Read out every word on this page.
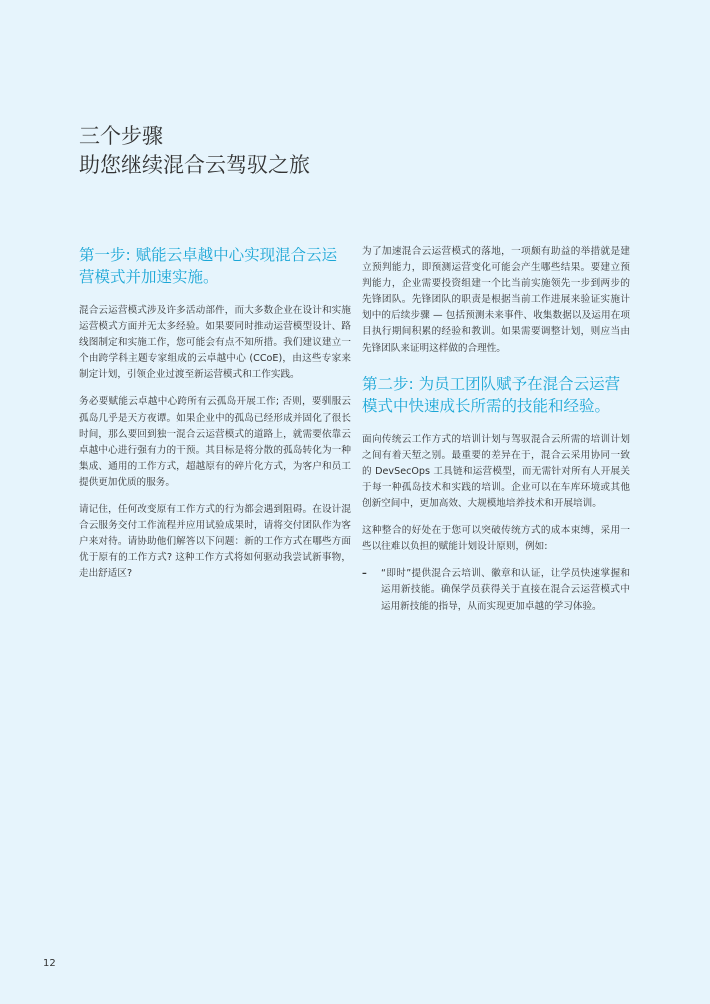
三个步骤
助您继续混合云驾驭之旅
第一步: 赋能云卓越中心实现混合云运营模式并加速实施。

混合云运营模式涉及许多活动部件，而大多数企业在设计和实施运营模式方面并无太多经验。如果要同时推动运营模型设计、路线图制定和实施工作，您可能会有点不知所措。我们建议建立一个由跨学科主题专家组成的云卓越中心 (CCoE)，由这些专家来制定计划，引领企业过渡至新运营模式和工作实践。

务必要赋能云卓越中心跨所有云孤岛开展工作; 否则，要驯服云孤岛几乎是天方夜谭。如果企业中的孤岛已经形成并固化了很长时间，那么要回到独一混合云运营模式的道路上，就需要依靠云卓越中心进行强有力的干预。其目标是将分散的孤岛转化为一种集成、通用的工作方式，超越原有的碎片化方式，为客户和员工提供更加优质的服务。

请记住，任何改变原有工作方式的行为都会遇到阻碍。在设计混合云服务交付工作流程并应用试验成果时，请将交付团队作为客户来对待。请协助他们解答以下问题：新的工作方式在哪些方面优于原有的工作方式? 这种工作方式将如何驱动我尝试新事物，走出舒适区?

为了加速混合云运营模式的落地，一项颇有助益的举措就是建立预判能力，即预测运营变化可能会产生哪些结果。要建立预判能力，企业需要投资组建一个比当前实施领先一步到两步的先锋团队。先锋团队的职责是根据当前工作进展来验证实施计划中的后续步骤 — 包括预测未来事件、收集数据以及运用在项目执行期间积累的经验和教训。如果需要调整计划，则应当由先锋团队来证明这样做的合理性。

第二步: 为员工团队赋予在混合云运营模式中快速成长所需的技能和经验。

面向传统云工作方式的培训计划与驾驭混合云所需的培训计划之间有着天堑之别。最重要的差异在于，混合云采用协同一致的 DevSecOps 工具链和运营模型，而无需针对所有人开展关于每一种孤岛技术和实践的培训。企业可以在车库环境或其他创新空间中，更加高效、大规模地培养技术和开展培训。

这种整合的好处在于您可以突破传统方式的成本束缚，采用一些以往难以负担的赋能计划设计原则，例如:

– “即时”提供混合云培训、徽章和认证，让学员快速掌握和运用新技能。确保学员获得关于直接在混合云运营模式中运用新技能的指导，从而实现更加卓越的学习体验。
12
